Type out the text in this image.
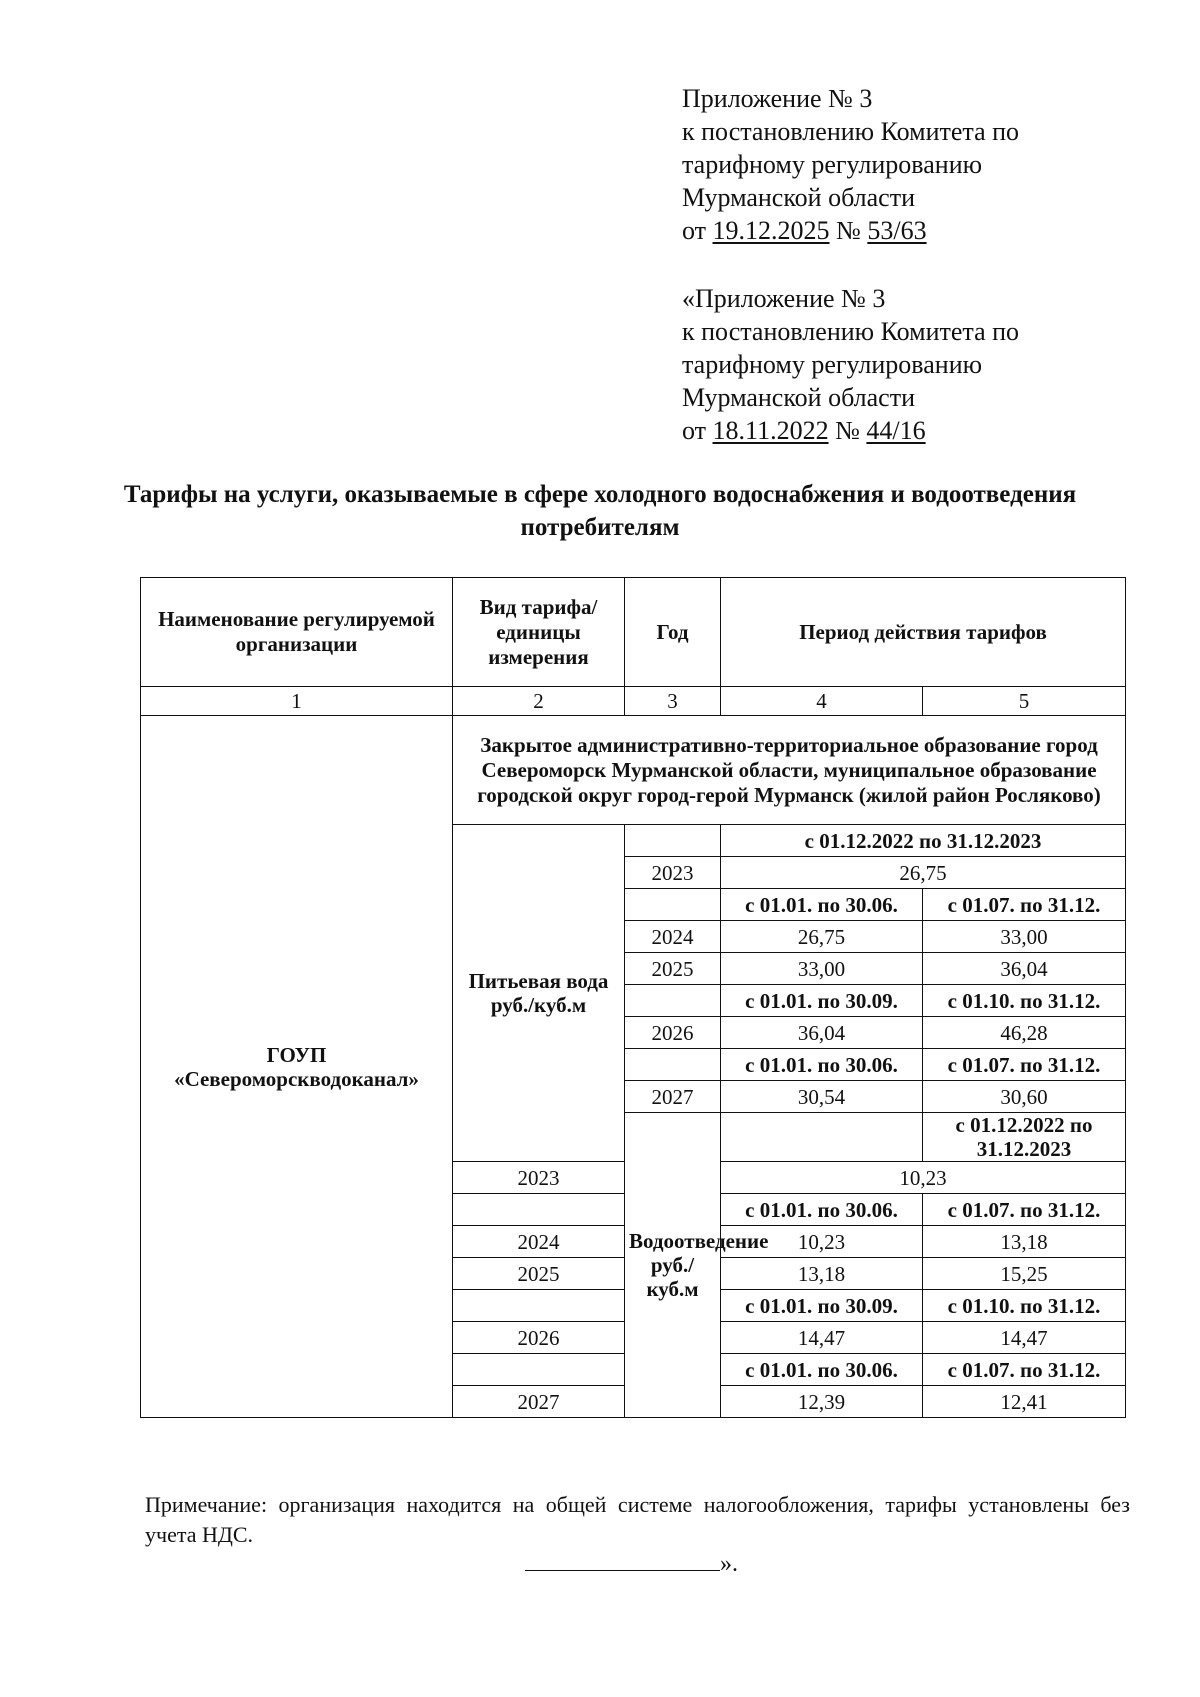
Приложение № 3
к постановлению Комитета по
тарифному регулированию
Мурманской области
от 19.12.2025 № 53/63
«Приложение № 3
к постановлению Комитета по
тарифному регулированию
Мурманской области
от 18.11.2022 № 44/16
Тарифы на услуги, оказываемые в сфере холодного водоснабжения и водоотведения потребителям
Наименование регулируемой организации	Вид тарифа/единицы измерения	Год	Период действия тарифов	
1	2	3	4	5
ГОУП «Североморскводоканал»	Закрытое административно-территориальное образование город Североморск Мурманской области, муниципальное образование городской округ город-герой Мурманск (жилой район Росляково)			
	Питьевая вода руб./куб.м		с 01.12.2022 по 31.12.2023	
		2023	26,75	
			с 01.01. по 30.06.	с 01.07. по 31.12.
		2024	26,75	33,00
		2025	33,00	36,04
			с 01.01. по 30.09.	с 01.10. по 31.12.
		2026	36,04	46,28
			с 01.01. по 30.06.	с 01.07. по 31.12.
		2027	30,54	30,60
		Водоотведение руб./куб.м		с 01.12.2022 по 31.12.2023
	2023		10,23	
			с 01.01. по 30.06.	с 01.07. по 31.12.
	2024		10,23	13,18
	2025		13,18	15,25
			с 01.01. по 30.09.	с 01.10. по 31.12.
	2026		14,47	14,47
			с 01.01. по 30.06.	с 01.07. по 31.12.
	2027		12,39	12,41
Примечание: организация находится на общей системе налогообложения, тарифы установлены без учета НДС.
».
